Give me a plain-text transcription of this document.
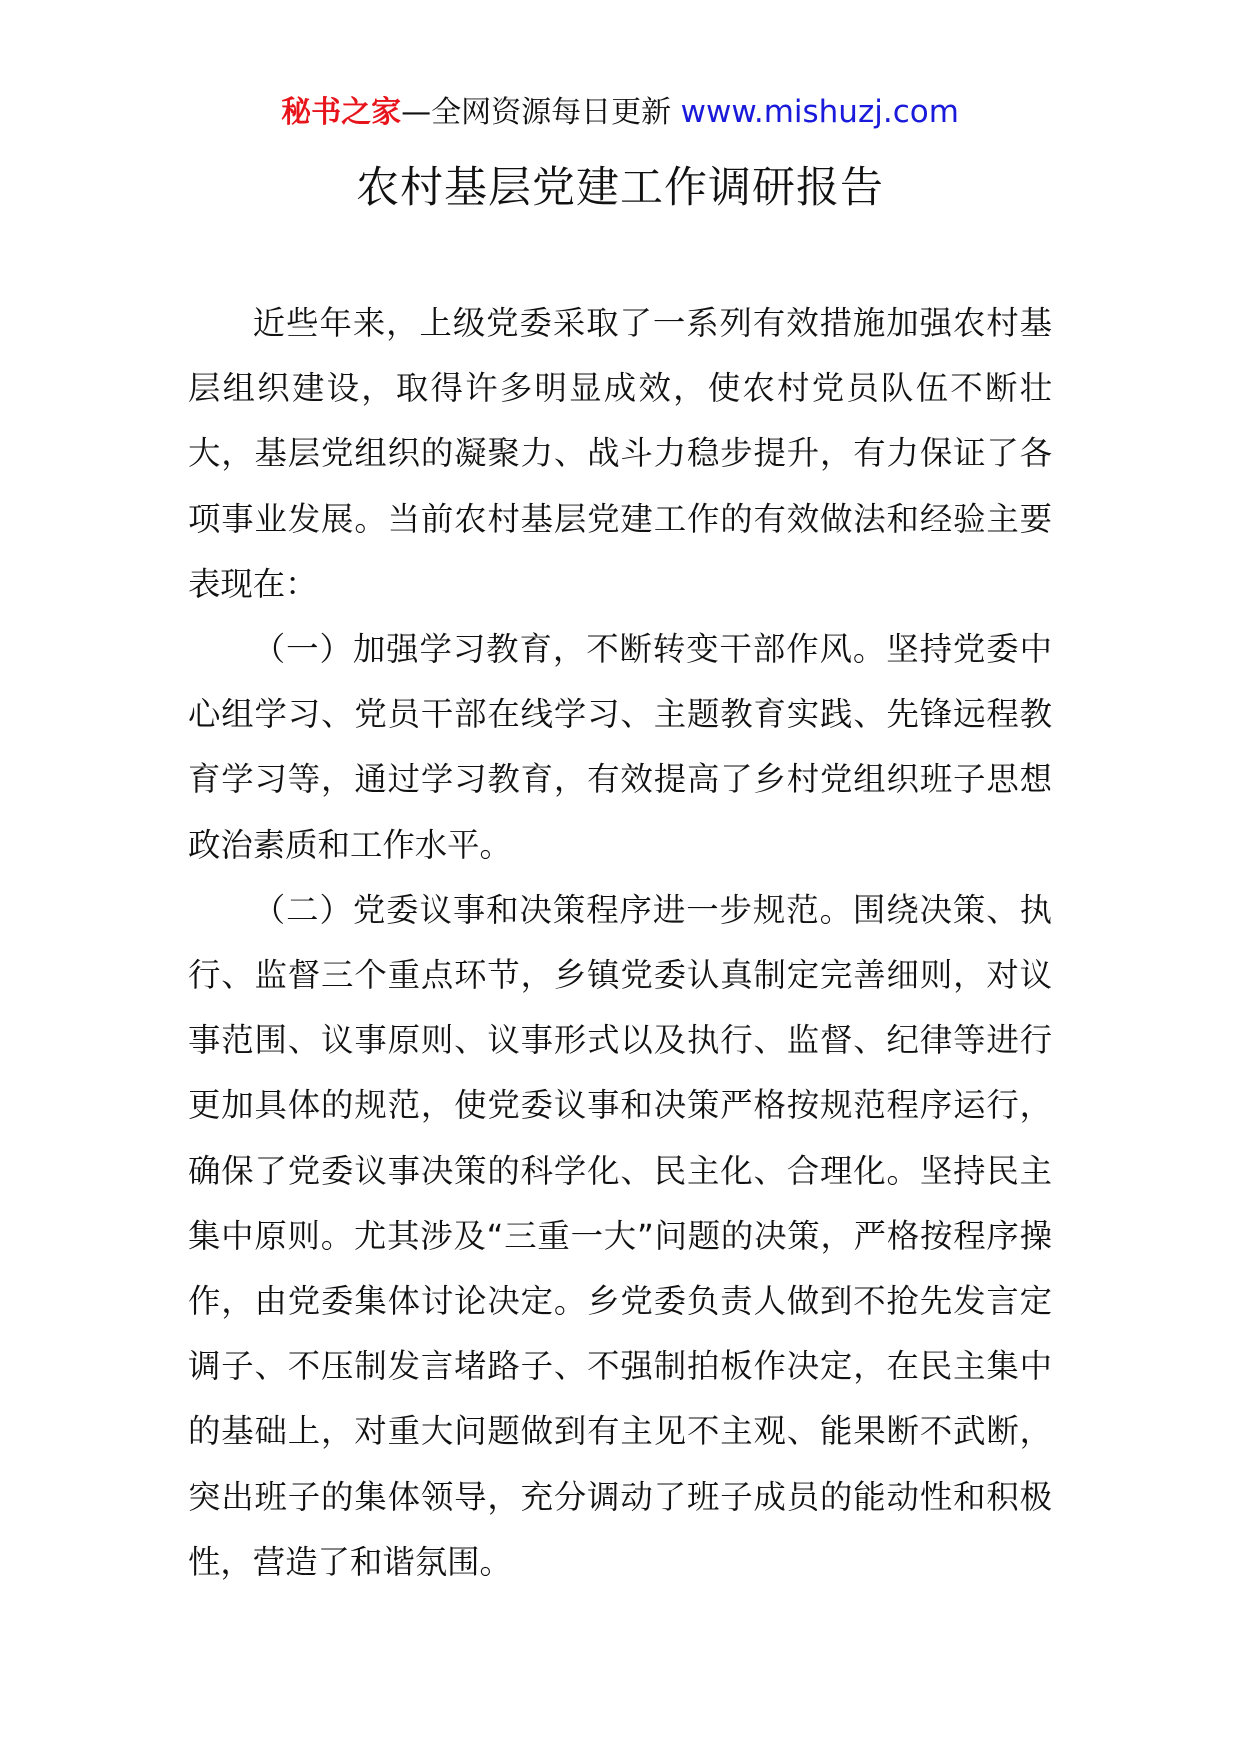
秘书之家—全网资源每日更新 www.mishuzj.com
农村基层党建工作调研报告

近些年来，上级党委采取了一系列有效措施加强农村基层组织建设，取得许多明显成效，使农村党员队伍不断壮大，基层党组织的凝聚力、战斗力稳步提升，有力保证了各项事业发展。当前农村基层党建工作的有效做法和经验主要表现在：

（一）加强学习教育，不断转变干部作风。坚持党委中心组学习、党员干部在线学习、主题教育实践、先锋远程教育学习等，通过学习教育，有效提高了乡村党组织班子思想政治素质和工作水平。

（二）党委议事和决策程序进一步规范。围绕决策、执行、监督三个重点环节，乡镇党委认真制定完善细则，对议事范围、议事原则、议事形式以及执行、监督、纪律等进行更加具体的规范，使党委议事和决策严格按规范程序运行，确保了党委议事决策的科学化、民主化、合理化。坚持民主集中原则。尤其涉及“三重一大”问题的决策，严格按程序操作，由党委集体讨论决定。乡党委负责人做到不抢先发言定调子、不压制发言堵路子、不强制拍板作决定，在民主集中的基础上，对重大问题做到有主见不主观、能果断不武断，突出班子的集体领导，充分调动了班子成员的能动性和积极性，营造了和谐氛围。
